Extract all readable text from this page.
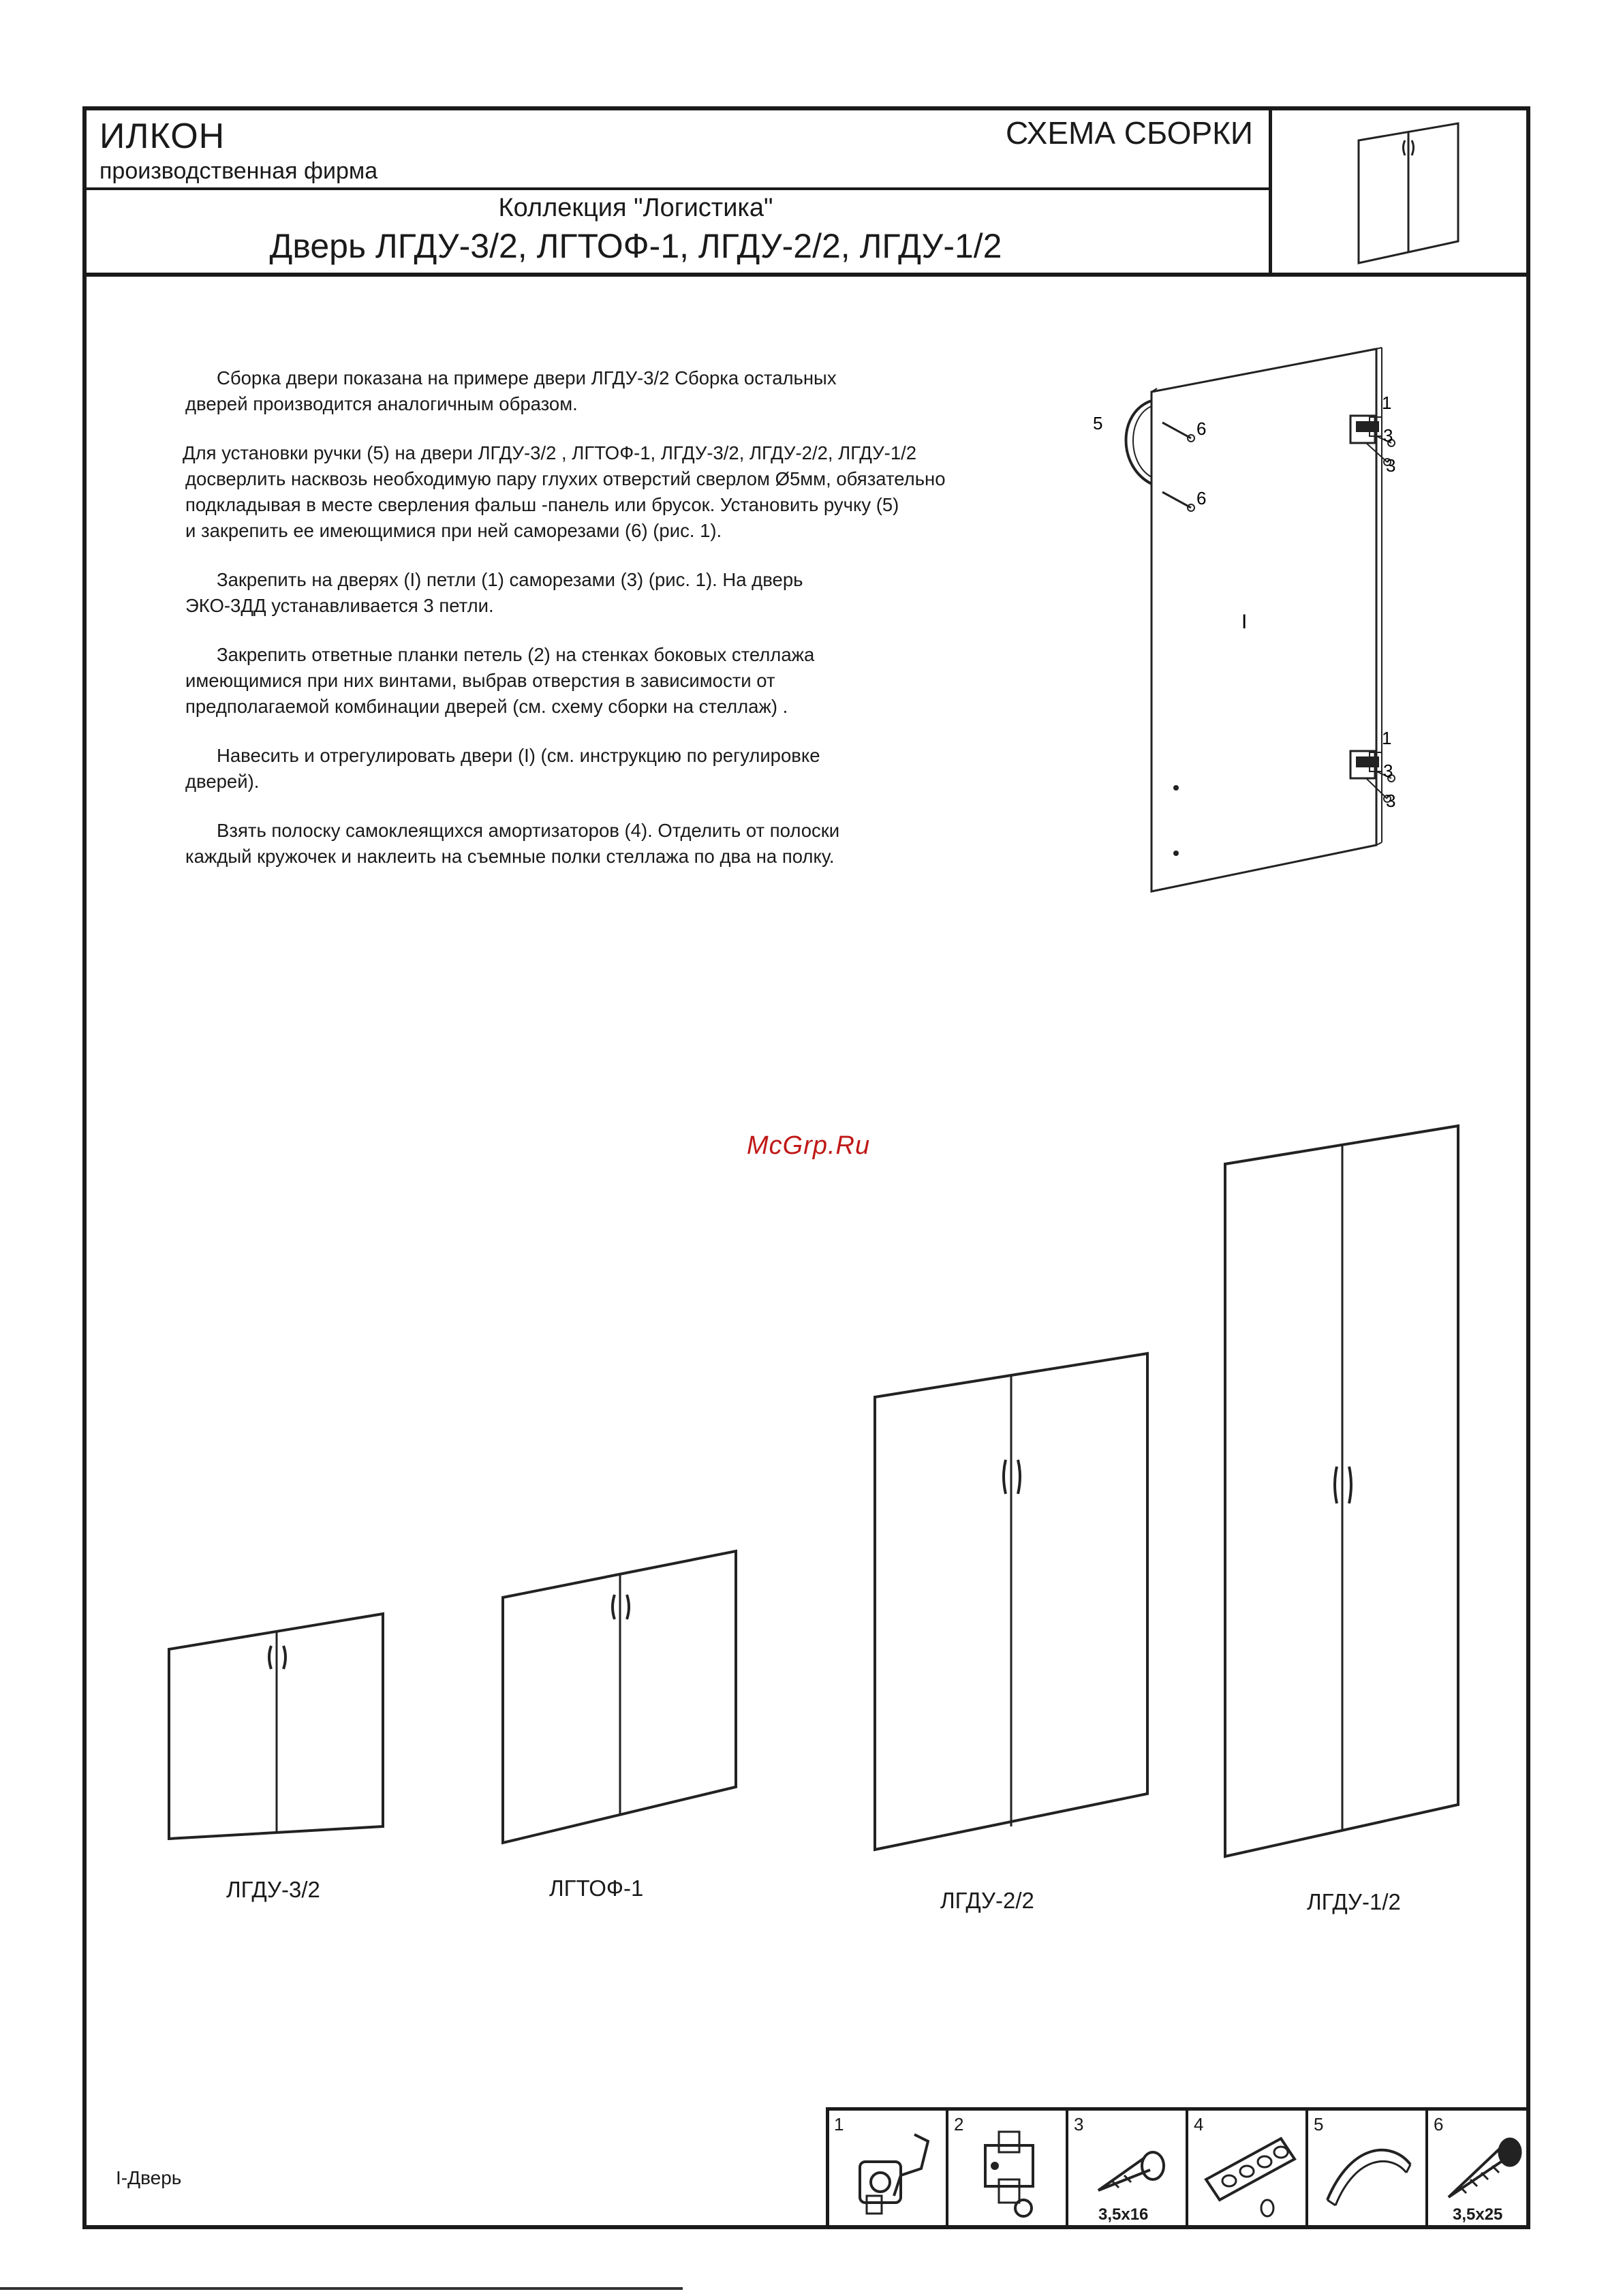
ИЛКОН
производственная фирма
СХЕМА СБОРКИ
Коллекция "Логистика"
Дверь ЛГДУ-3/2, ЛГТОФ-1, ЛГДУ-2/2, ЛГДУ-1/2
Сборка двери показана на примере двери ЛГДУ-3/2 Сборка остальных
дверей производится аналогичным образом.
Для установки ручки (5) на двери ЛГДУ-3/2 , ЛГТОФ-1, ЛГДУ-3/2, ЛГДУ-2/2, ЛГДУ-1/2
досверлить насквозь необходимую пару глухих отверстий сверлом Ø5мм, обязательно
подкладывая в месте сверления фальш -панель или брусок. Установить ручку (5)
и закрепить ее имеющимися при ней саморезами (6) (рис. 1).
Закрепить на дверях (I) петли (1) саморезами (3) (рис. 1). На дверь
ЭКО-3ДД устанавливается 3 петли.
Закрепить ответные планки петель (2) на стенках боковых стеллажа
имеющимися при них винтами, выбрав отверстия в зависимости от
предполагаемой комбинации дверей (см. схему сборки на стеллаж) .
Навесить и отрегулировать двери (I) (см. инструкцию по регулировке
дверей).
Взять полоску самоклеящихся амортизаторов (4). Отделить от полоски
каждый кружочек и наклеить на съемные полки стеллажа по два на полку.
5	6
6
1
3
3
I
1
3
3
McGrp.Ru
ЛГДУ-3/2	ЛГТОФ-1	ЛГДУ-2/2	ЛГДУ-1/2
I-Дверь
1	2	3
3,5x16
4	5	6
3,5x25
